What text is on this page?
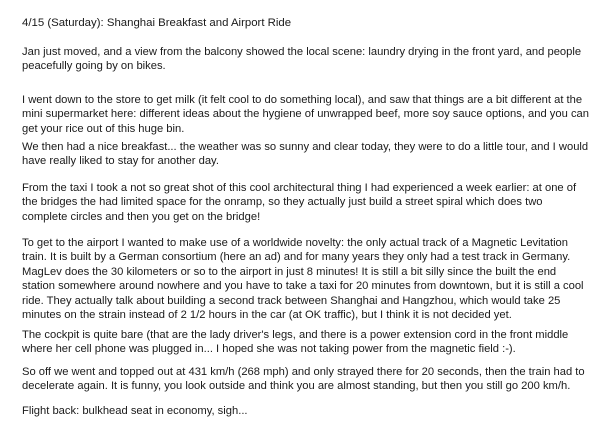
4/15 (Saturday): Shanghai Breakfast and Airport Ride

Jan just moved, and a view from the balcony showed the local scene: laundry drying in the front yard, and people
peacefully going by on bikes.

I went down to the store to get milk (it felt cool to do something local), and saw that things are a bit different at the
mini supermarket here: different ideas about the hygiene of unwrapped beef, more soy sauce options, and you can
get your rice out of this huge bin.

We then had a nice breakfast... the weather was so sunny and clear today, they were to do a little tour, and I would
have really liked to stay for another day.

From the taxi I took a not so great shot of this cool architectural thing I had experienced a week earlier: at one of
the bridges the had limited space for the onramp, so they actually just build a street spiral which does two
complete circles and then you get on the bridge!

To get to the airport I wanted to make use of a worldwide novelty: the only actual track of a Magnetic Levitation
train. It is built by a German consortium (here an ad) and for many years they only had a test track in Germany.
MagLev does the 30 kilometers or so to the airport in just 8 minutes! It is still a bit silly since the built the end
station somewhere around nowhere and you have to take a taxi for 20 minutes from downtown, but it is still a cool
ride. They actually talk about building a second track between Shanghai and Hangzhou, which would take 25
minutes on the strain instead of 2 1/2 hours in the car (at OK traffic), but I think it is not decided yet.

The cockpit is quite bare (that are the lady driver's legs, and there is a power extension cord in the front middle
where her cell phone was plugged in... I hoped she was not taking power from the magnetic field :-).

So off we went and topped out at 431 km/h (268 mph) and only strayed there for 20 seconds, then the train had to
decelerate again. It is funny, you look outside and think you are almost standing, but then you still go 200 km/h.

Flight back: bulkhead seat in economy, sigh...
